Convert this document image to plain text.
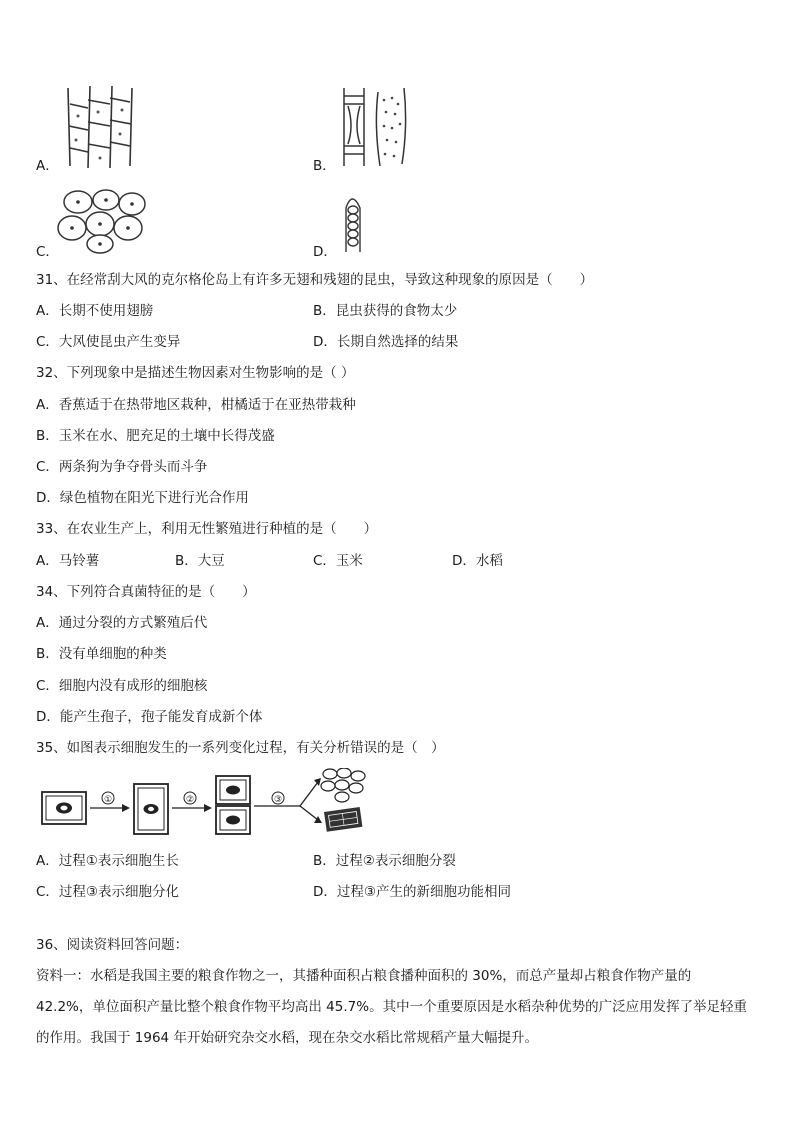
A．	B．
C．	D．
31、在经常刮大风的克尔格伦岛上有许多无翅和残翅的昆虫，导致这种现象的原因是（　　）
A．长期不使用翅膀	B．昆虫获得的食物太少
C．大风使昆虫产生变异	D．长期自然选择的结果
32、下列现象中是描述生物因素对生物影响的是（ ）
A．香蕉适于在热带地区栽种，柑橘适于在亚热带栽种
B．玉米在水、肥充足的土壤中长得茂盛
C．两条狗为争夺骨头而斗争
D．绿色植物在阳光下进行光合作用
33、在农业生产上，利用无性繁殖进行种植的是（　　）
A．马铃薯	B．大豆	C．玉米	D．水稻
34、下列符合真菌特征的是（　　）
A．通过分裂的方式繁殖后代
B．没有单细胞的种类
C．细胞内没有成形的细胞核
D．能产生孢子，孢子能发育成新个体
35、如图表示细胞发生的一系列变化过程，有关分析错误的是（　）
①	②	③
A．过程①表示细胞生长	B．过程②表示细胞分裂
C．过程③表示细胞分化	D．过程③产生的新细胞功能相同
36、阅读资料回答问题：
资料一：水稻是我国主要的粮食作物之一，其播种面积占粮食播种面积的 30%，而总产量却占粮食作物产量的
42.2%，单位面积产量比整个粮食作物平均高出 45.7%。其中一个重要原因是水稻杂种优势的广泛应用发挥了举足轻重
的作用。我国于 1964 年开始研究杂交水稻，现在杂交水稻比常规稻产量大幅提升。
